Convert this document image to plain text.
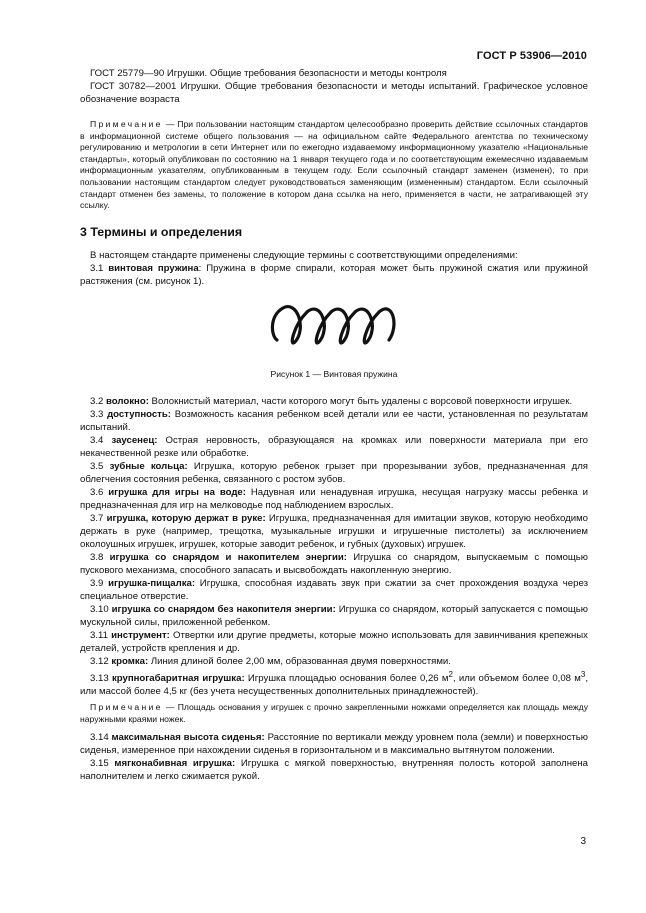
ГОСТ Р 53906—2010

ГОСТ 25779—90 Игрушки. Общие требования безопасности и методы контроля

ГОСТ 30782—2001 Игрушки. Общие требования безопасности и методы испытаний. Графическое условное обозначение возраста

Примечание — При пользовании настоящим стандартом целесообразно проверить действие ссылочных стандартов в информационной системе общего пользования — на официальном сайте Федерального агентства по техническому регулированию и метрологии в сети Интернет или по ежегодно издаваемому информационному указателю «Национальные стандарты», который опубликован по состоянию на 1 января текущего года и по соответствующим ежемесячно издаваемым информационным указателям, опубликованным в текущем году. Если ссылочный стандарт заменен (изменен), то при пользовании настоящим стандартом следует руководствоваться заменяющим (измененным) стандартом. Если ссылочный стандарт отменен без замены, то положение в котором дана ссылка на него, применяется в части, не затрагивающей эту ссылку.

3 Термины и определения

В настоящем стандарте применены следующие термины с соответствующими определениями:

3.1 винтовая пружина: Пружина в форме спирали, которая может быть пружиной сжатия или пружиной растяжения (см. рисунок 1).

Рисунок 1 — Винтовая пружина

3.2 волокно: Волокнистый материал, части которого могут быть удалены с ворсовой поверхности игрушек.

3.3 доступность: Возможность касания ребенком всей детали или ее части, установленная по результатам испытаний.

3.4 заусенец: Острая неровность, образующаяся на кромках или поверхности материала при его некачественной резке или обработке.

3.5 зубные кольца: Игрушка, которую ребенок грызет при прорезывании зубов, предназначенная для облегчения состояния ребенка, связанного с ростом зубов.

3.6 игрушка для игры на воде: Надувная или ненадувная игрушка, несущая нагрузку массы ребенка и предназначенная для игр на мелководье под наблюдением взрослых.

3.7 игрушка, которую держат в руке: Игрушка, предназначенная для имитации звуков, которую необходимо держать в руке (например, трещотка, музыкальные игрушки и игрушечные пистолеты) за исключением околоушных игрушек, игрушек, которые заводит ребенок, и губных (духовых) игрушек.

3.8 игрушка со снарядом и накопителем энергии: Игрушка со снарядом, выпускаемым с помощью пускового механизма, способного запасать и высвобождать накопленную энергию.

3.9 игрушка-пищалка: Игрушка, способная издавать звук при сжатии за счет прохождения воздуха через специальное отверстие.

3.10 игрушка со снарядом без накопителя энергии: Игрушка со снарядом, который запускается с помощью мускульной силы, приложенной ребенком.

3.11 инструмент: Отвертки или другие предметы, которые можно использовать для завинчивания крепежных деталей, устройств крепления и др.

3.12 кромка: Линия длиной более 2,00 мм, образованная двумя поверхностями.

3.13 крупногабаритная игрушка: Игрушка площадью основания более 0,26 $м^2$, или объемом более 0,08 $м^3$, или массой более 4,5 кг (без учета несущественных дополнительных принадлежностей).

Примечание — Площадь основания у игрушек с прочно закрепленными ножками определяется как площадь между наружными краями ножек.

3.14 максимальная высота сиденья: Расстояние по вертикали между уровнем пола (земли) и поверхностью сиденья, измеренное при нахождении сиденья в горизонтальном и в максимально вытянутом положении.

3.15 мягконабивная игрушка: Игрушка с мягкой поверхностью, внутренняя полость которой заполнена наполнителем и легко сжимается рукой.

3
